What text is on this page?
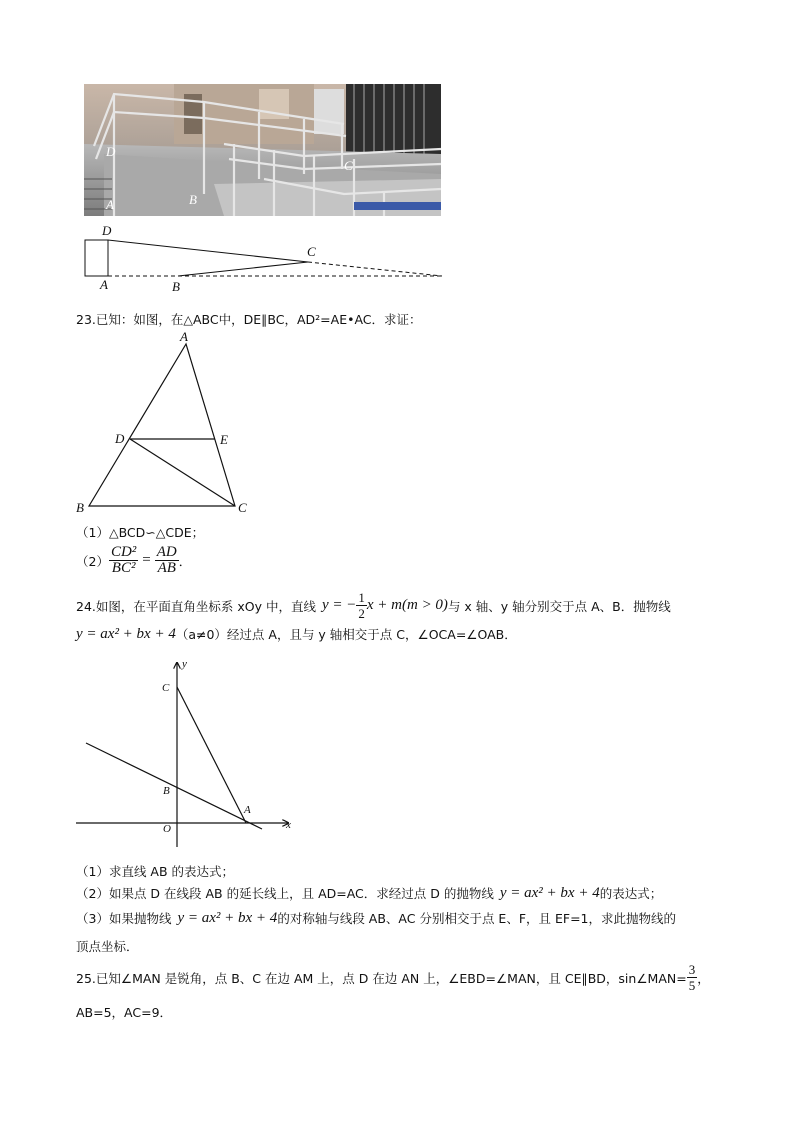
D
A	B
C
D
C
A	B
23.已知：如图，在△ABC中，DE∥BC，AD²=AE•AC．求证：
A
D	E
B	C
（1）△BCD∽△CDE；
$(2) \frac{\text{CD²}}{\text{BC²}} = \frac{AD}{AB}$ ．
24.如图，在平面直角坐标系 xOy 中，直线 y = − $\frac{1}{2}$ x + m(m > 0) 与 x 轴、y 轴分别交于点 A、B．抛物线
y = ax² + bx + 4 （a≠0）经过点 A，且与 y 轴相交于点 C，∠OCA=∠OAB．
y
x
C
B
A
O
（1）求直线 AB 的表达式；
（2）如果点 D 在线段 AB 的延长线上，且 AD=AC．求经过点 D 的抛物线 y = ax² + bx + 4 的表达式；
（3）如果抛物线 y = ax² + bx + 4 的对称轴与线段 AB、AC 分别相交于点 E、F，且 EF=1，求此抛物线的
顶点坐标．
25.已知∠MAN 是锐角，点 B、C 在边 AM 上，点 D 在边 AN 上，∠EBD=∠MAN，且 CE∥BD，sin∠MAN= $\frac{3}{5}$ ，
AB=5，AC=9．
